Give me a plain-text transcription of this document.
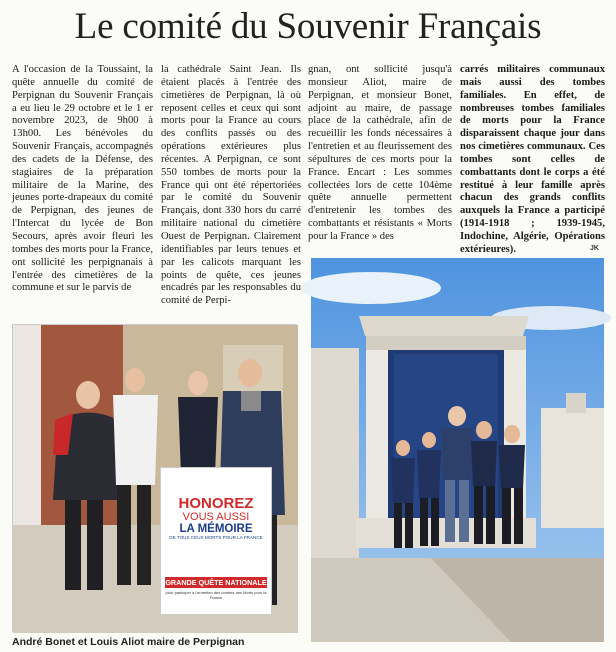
Le comité du Souvenir Français

A l'occasion de la Toussaint, la quête annuelle du comité de Perpignan du Souvenir Français a eu lieu le 29 octobre et le 1 er novembre 2023, de 9h00 à 13h00. Les bénévoles du Souvenir Français, accompagnés des cadets de la Défense, des stagiaires de la préparation militaire de la Marine, des jeunes porte-drapeaux du comité de Perpignan, des jeunes de l'Intercat du lycée de Bon Secours, après avoir fleuri les tombes des morts pour la France, ont sollicité les perpignanais à l'entrée des cimetières de la commune et sur le parvis de

la cathédrale Saint Jean. Ils étaient placés à l'entrée des cimetières de Perpignan, là où reposent celles et ceux qui sont morts pour la France au cours des conflits passés ou des opérations extérieures plus récentes. A Perpignan, ce sont 550 tombes de morts pour la France qui ont été répertoriées par le comité du Souvenir Français, dont 330 hors du carré militaire national du cimetière Ouest de Perpignan. Clairement identifiables par leurs tenues et par les calicots marquant les points de quête, ces jeunes encadrés par les responsables du comité de Perpi-

gnan, ont sollicité jusqu'à monsieur Aliot, maire de Perpignan, et monsieur Bonet, adjoint au maire, de passage place de la cathédrale, afin de recueillir les fonds nécessaires à l'entretien et au fleurissement des sépultures de ces morts pour la France. Encart : Les sommes collectées lors de cette 104ème quête annuelle permettent d'entretenir les tombes des combattants et résistants « Morts pour la France » des

carrés militaires communaux mais aussi des tombes familiales. En effet, de nombreuses tombes familiales de morts pour la France disparaissent chaque jour dans nos cimetières communaux. Ces tombes sont celles de combattants dont le corps a été restitué à leur famille après chacun des grands conflits auxquels la France a participé (1914-1918 ; 1939-1945, Indochine, Algérie, Opérations extérieures).	JK
HONOREZ
VOUS AUSSI
LA MÉMOIRE
DE TOUS CEUX MORTS POUR LA FRANCE
GRANDE QUÊTE NATIONALE
pour participer à l'entretien des tombes des Morts pour la France
André Bonet et Louis Aliot maire de Perpignan
